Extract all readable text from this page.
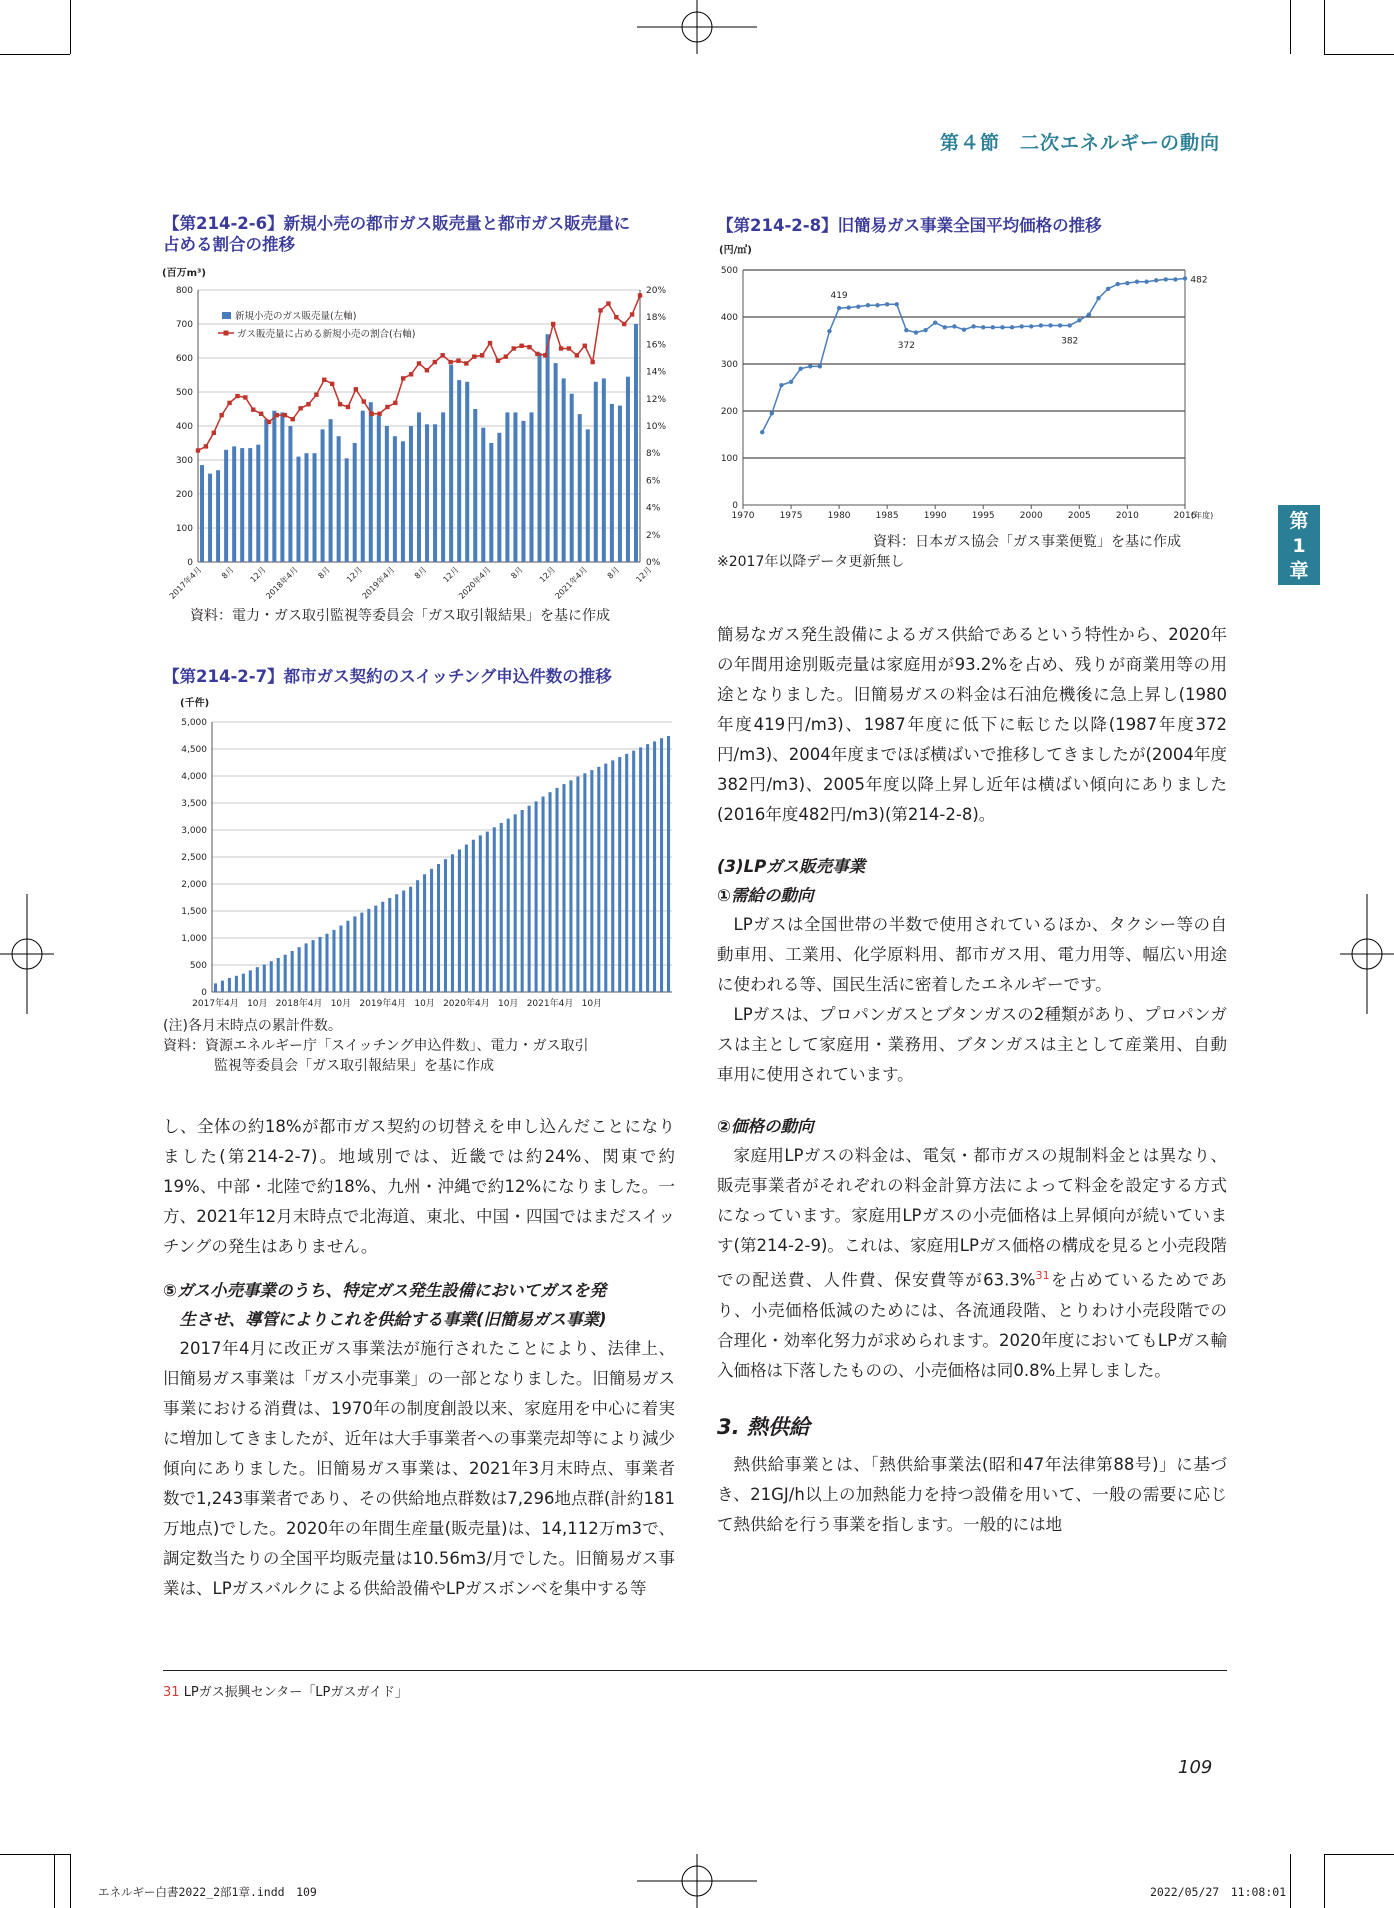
第４節　二次エネルギーの動向
第
1
章
【第214-2-6】新規小売の都市ガス販売量と都市ガス販売量に
占める割合の推移
(百万m³)
0
100
200
300
400
500
600
700
800
0%
2%
4%
6%
8%
10%
12%
14%
16%
18%
20%
新規小売のガス販売量(左軸)
ガス販売量に占める新規小売の割合(右軸)
2017年4月 8月 12月
2018年4月 8月 12月
2019年4月 8月 12月
2020年4月 8月 12月
2021年4月 8月 12月
資料：電力・ガス取引監視等委員会「ガス取引報結果」を基に作成
【第214-2-7】都市ガス契約のスイッチング申込件数の推移
(千件)
0
500
1,000
1,500
2,000
2,500
3,000
3,500
4,000
4,500
5,000
2017年4月 10月 2018年4月 10月 2019年4月 10月 2020年4月 10月 2021年4月 10月
(注)各月末時点の累計件数。
資料：資源エネルギー庁「スイッチング申込件数」、電力・ガス取引
監視等委員会「ガス取引報結果」を基に作成
【第214-2-8】旧簡易ガス事業全国平均価格の推移
(円/㎥)
0
100
200
300
400
500
1970	1975	1980	1985	1990	1995	2000	2005	2010	2016
(年度)
419
372	382
482
資料：日本ガス協会「ガス事業便覧」を基に作成
※2017年以降データ更新無し

し、全体の約18%が都市ガス契約の切替えを申し込んだことになりました(第214-2-7)。地域別では、近畿では約24%、関東で約19%、中部・北陸で約18%、九州・沖縄で約12%になりました。一方、2021年12月末時点で北海道、東北、中国・四国ではまだスイッチングの発生はありません。

⑤ガス小売事業のうち、特定ガス発生設備においてガスを発
生させ、導管によりこれを供給する事業(旧簡易ガス事業)

2017年4月に改正ガス事業法が施行されたことにより、法律上、旧簡易ガス事業は「ガス小売事業」の一部となりました。旧簡易ガス事業における消費は、1970年の制度創設以来、家庭用を中心に着実に増加してきましたが、近年は大手事業者への事業売却等により減少傾向にありました。旧簡易ガス事業は、2021年3月末時点、事業者数で1,243事業者であり、その供給地点群数は7,296地点群(計約181万地点)でした。2020年の年間生産量(販売量)は、14,112万m3で、調定数当たりの全国平均販売量は10.56m3/月でした。旧簡易ガス事業は、LPガスバルクによる供給設備やLPガスボンベを集中する等

簡易なガス発生設備によるガス供給であるという特性から、2020年の年間用途別販売量は家庭用が93.2%を占め、残りが商業用等の用途となりました。旧簡易ガスの料金は石油危機後に急上昇し(1980年度419円/m3)、1987年度に低下に転じた以降(1987年度372円/m3)、2004年度までほぼ横ばいで推移してきましたが(2004年度382円/m3)、2005年度以降上昇し近年は横ばい傾向にありました(2016年度482円/m3)(第214-2-8)。

(3)LPガス販売事業
①需給の動向

LPガスは全国世帯の半数で使用されているほか、タクシー等の自動車用、工業用、化学原料用、都市ガス用、電力用等、幅広い用途に使われる等、国民生活に密着したエネルギーです。

LPガスは、プロパンガスとブタンガスの2種類があり、プロパンガスは主として家庭用・業務用、ブタンガスは主として産業用、自動車用に使用されています。

②価格の動向

家庭用LPガスの料金は、電気・都市ガスの規制料金とは異なり、販売事業者がそれぞれの料金計算方法によって料金を設定する方式になっています。家庭用LPガスの小売価格は上昇傾向が続いています(第214-2-9)。これは、家庭用LPガス価格の構成を見ると小売段階での配送費、人件費、保安費等が63.3%$^{31}$を占めているためであり、小売価格低減のためには、各流通段階、とりわけ小売段階での合理化・効率化努力が求められます。2020年度においてもLPガス輸入価格は下落したものの、小売価格は同0.8%上昇しました。

3. 熱供給

熱供給事業とは、「熱供給事業法(昭和47年法律第88号)」に基づき、21GJ/h以上の加熱能力を持つ設備を用いて、一般の需要に応じて熱供給を行う事業を指します。一般的には地

31 LPガス振興センター「LPガスガイド」
109
エネルギー白書2022_2部1章.indd　109	2022/05/27　11:08:01
